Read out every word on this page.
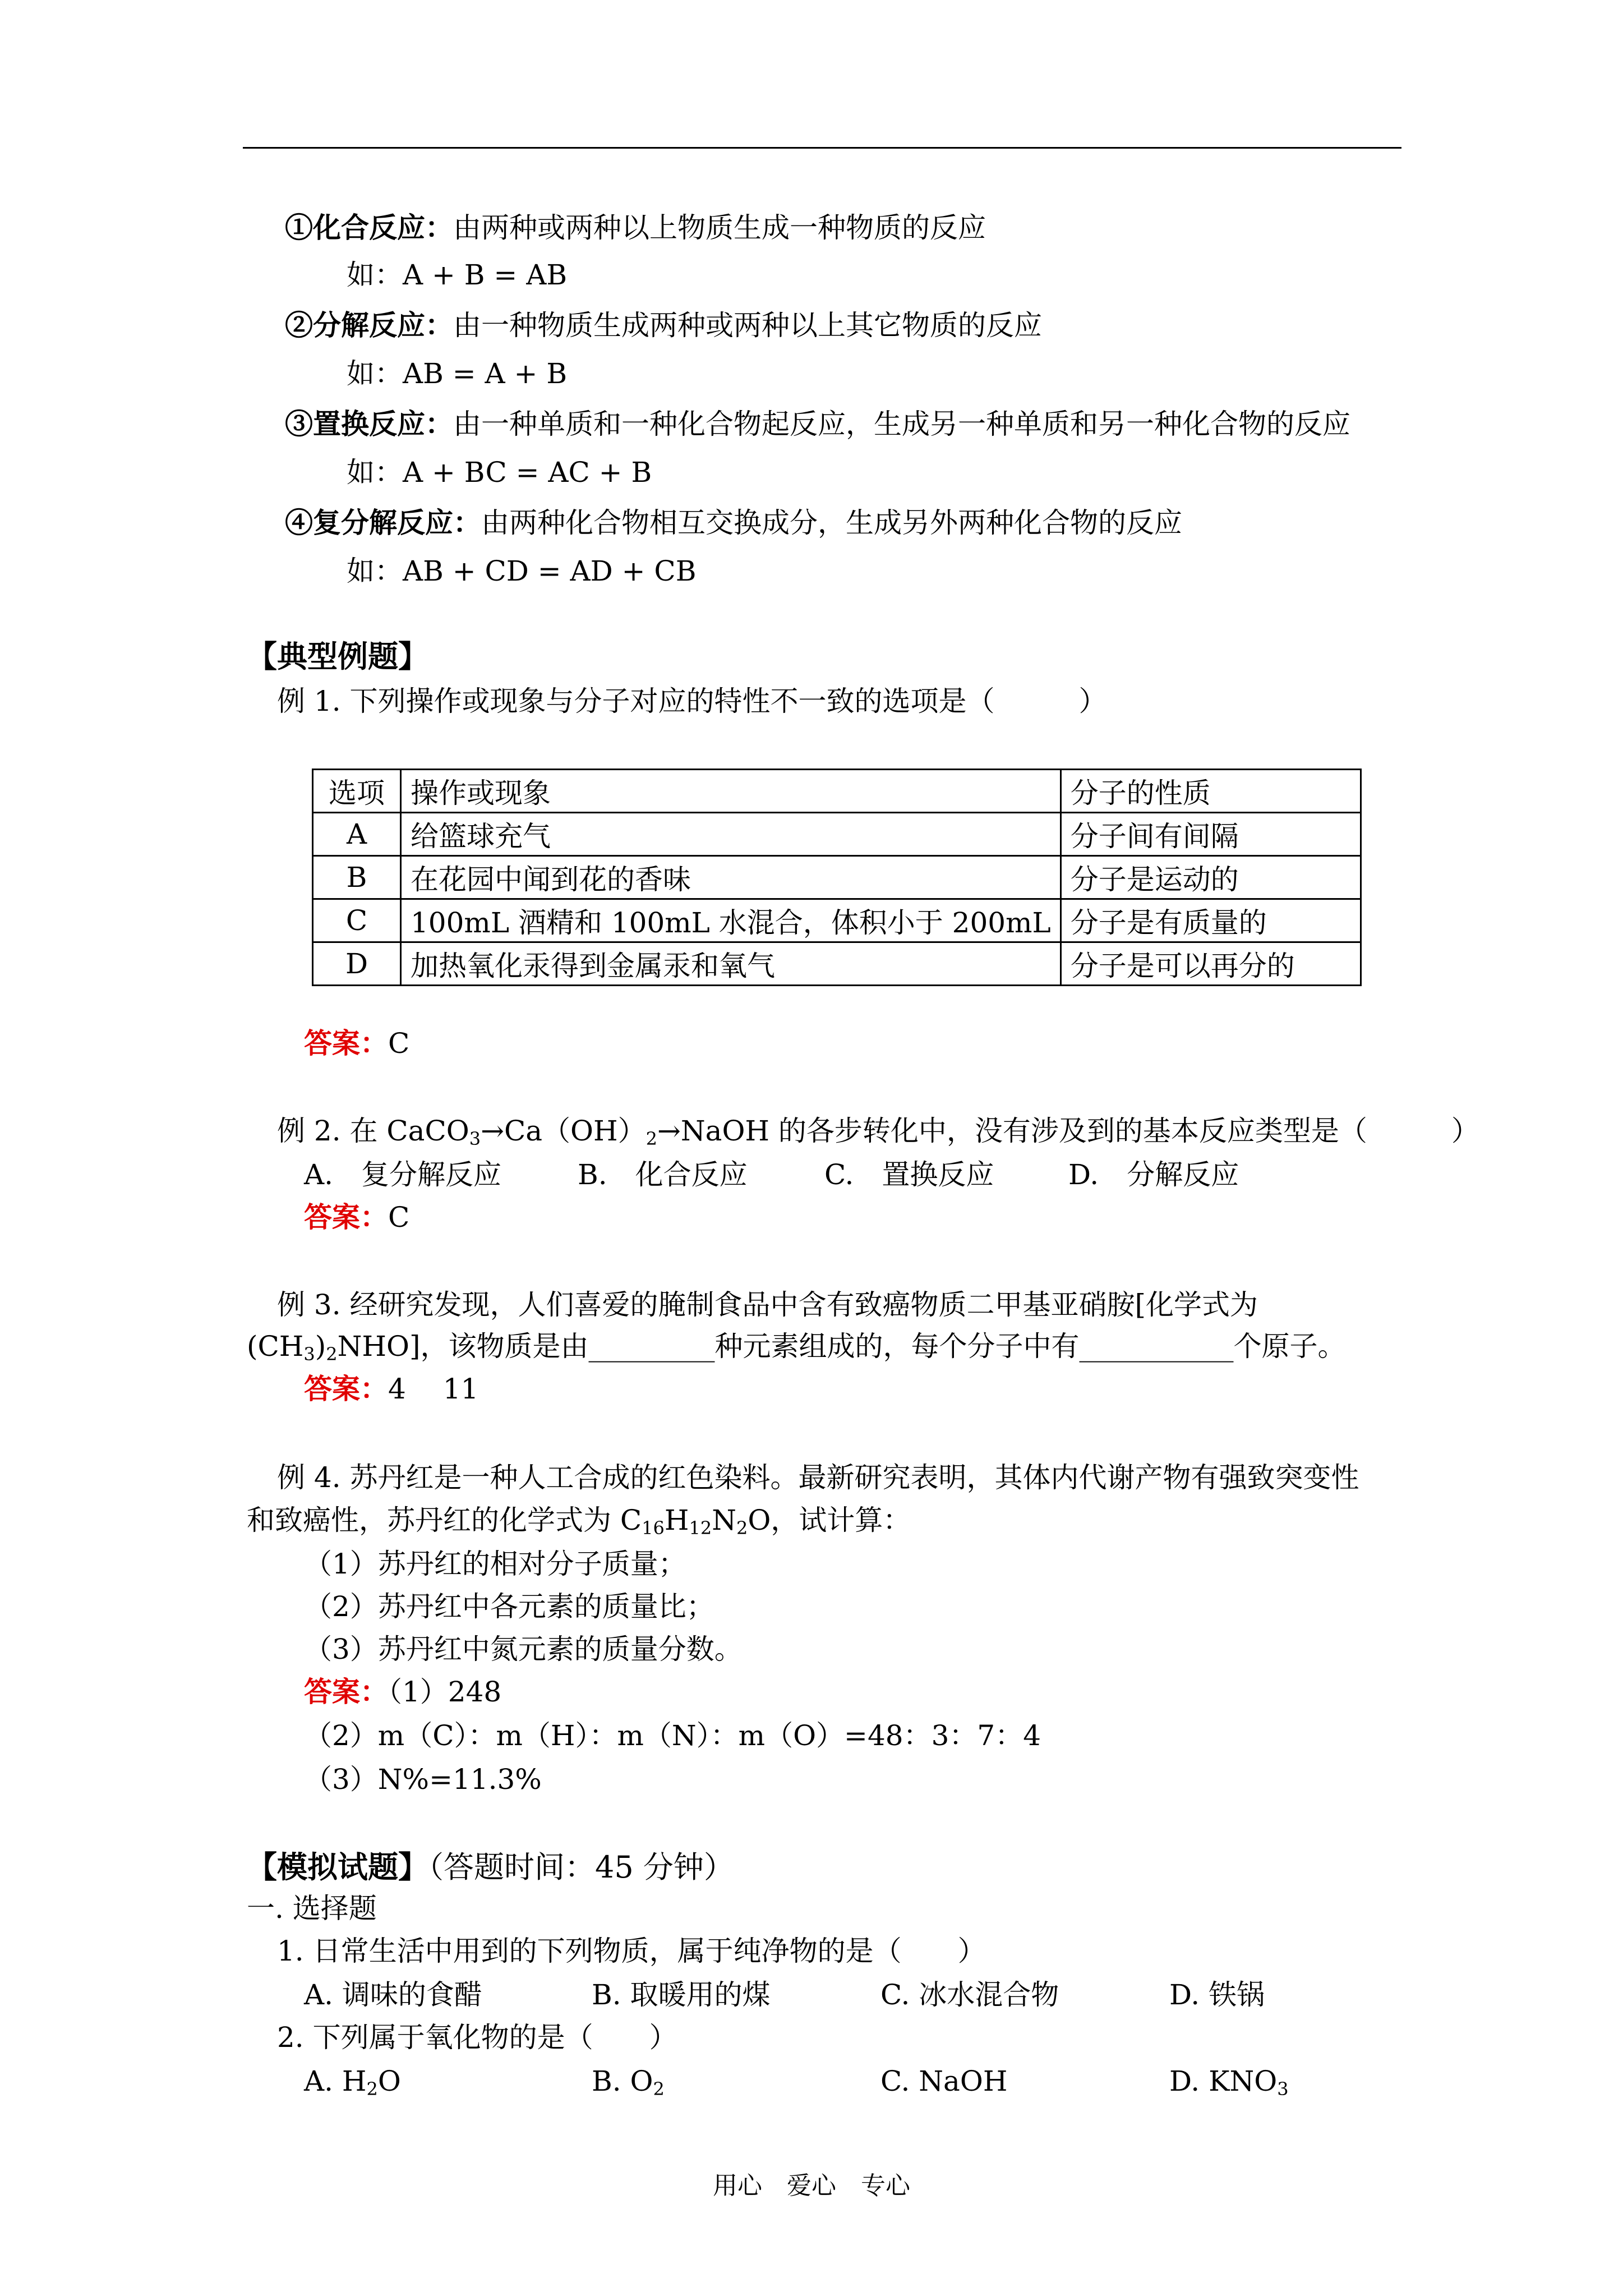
①化合反应：由两种或两种以上物质生成一种物质的反应
如：A + B = AB
②分解反应：由一种物质生成两种或两种以上其它物质的反应
如：AB = A + B
③置换反应：由一种单质和一种化合物起反应，生成另一种单质和另一种化合物的反应
如：A + BC = AC + B
④复分解反应：由两种化合物相互交换成分，生成另外两种化合物的反应
如：AB + CD = AD + CB
【典型例题】
例 1. 下列操作或现象与分子对应的特性不一致的选项是（　　　）
选项	操作或现象	分子的性质
A	给篮球充气	分子间有间隔
B	在花园中闻到花的香味	分子是运动的
C	100mL 酒精和 100mL 水混合，体积小于 200mL	分子是有质量的
D	加热氧化汞得到金属汞和氧气	分子是可以再分的
答案：C
例 2. 在 $CaCO_3\to Ca(OH)_2\to NaOH$ 的各步转化中，没有涉及到的基本反应类型是（　　　）
A.　复分解反应	B.　化合反应	C.　置换反应	D.　分解反应
答案：C
例 3. 经研究发现，人们喜爱的腌制食品中含有致癌物质二甲基亚硝胺[化学式为
$(CH_3)_2NHO$]，该物质是由_________种元素组成的，每个分子中有___________个原子。
答案：4　 11
例 4. 苏丹红是一种人工合成的红色染料。最新研究表明，其体内代谢产物有强致突变性
和致癌性，苏丹红的化学式为 $C_{16}H_{12}N_2O$，试计算：
（1）苏丹红的相对分子质量；
（2）苏丹红中各元素的质量比；
（3）苏丹红中氮元素的质量分数。
答案：（1）248
（2）m（C）：m（H）：m（N）：m（O）=48：3：7：4
（3）N%=11.3%
【模拟试题】（答题时间：45 分钟）
一. 选择题
1. 日常生活中用到的下列物质，属于纯净物的是（　　）
A. 调味的食醋	B. 取暖用的煤	C. 冰水混合物	D. 铁锅
2. 下列属于氧化物的是（　　）
A. $H_2O$	B. $O_2$	C. NaOH	D. $KNO_3$
用心　爱心　专心
